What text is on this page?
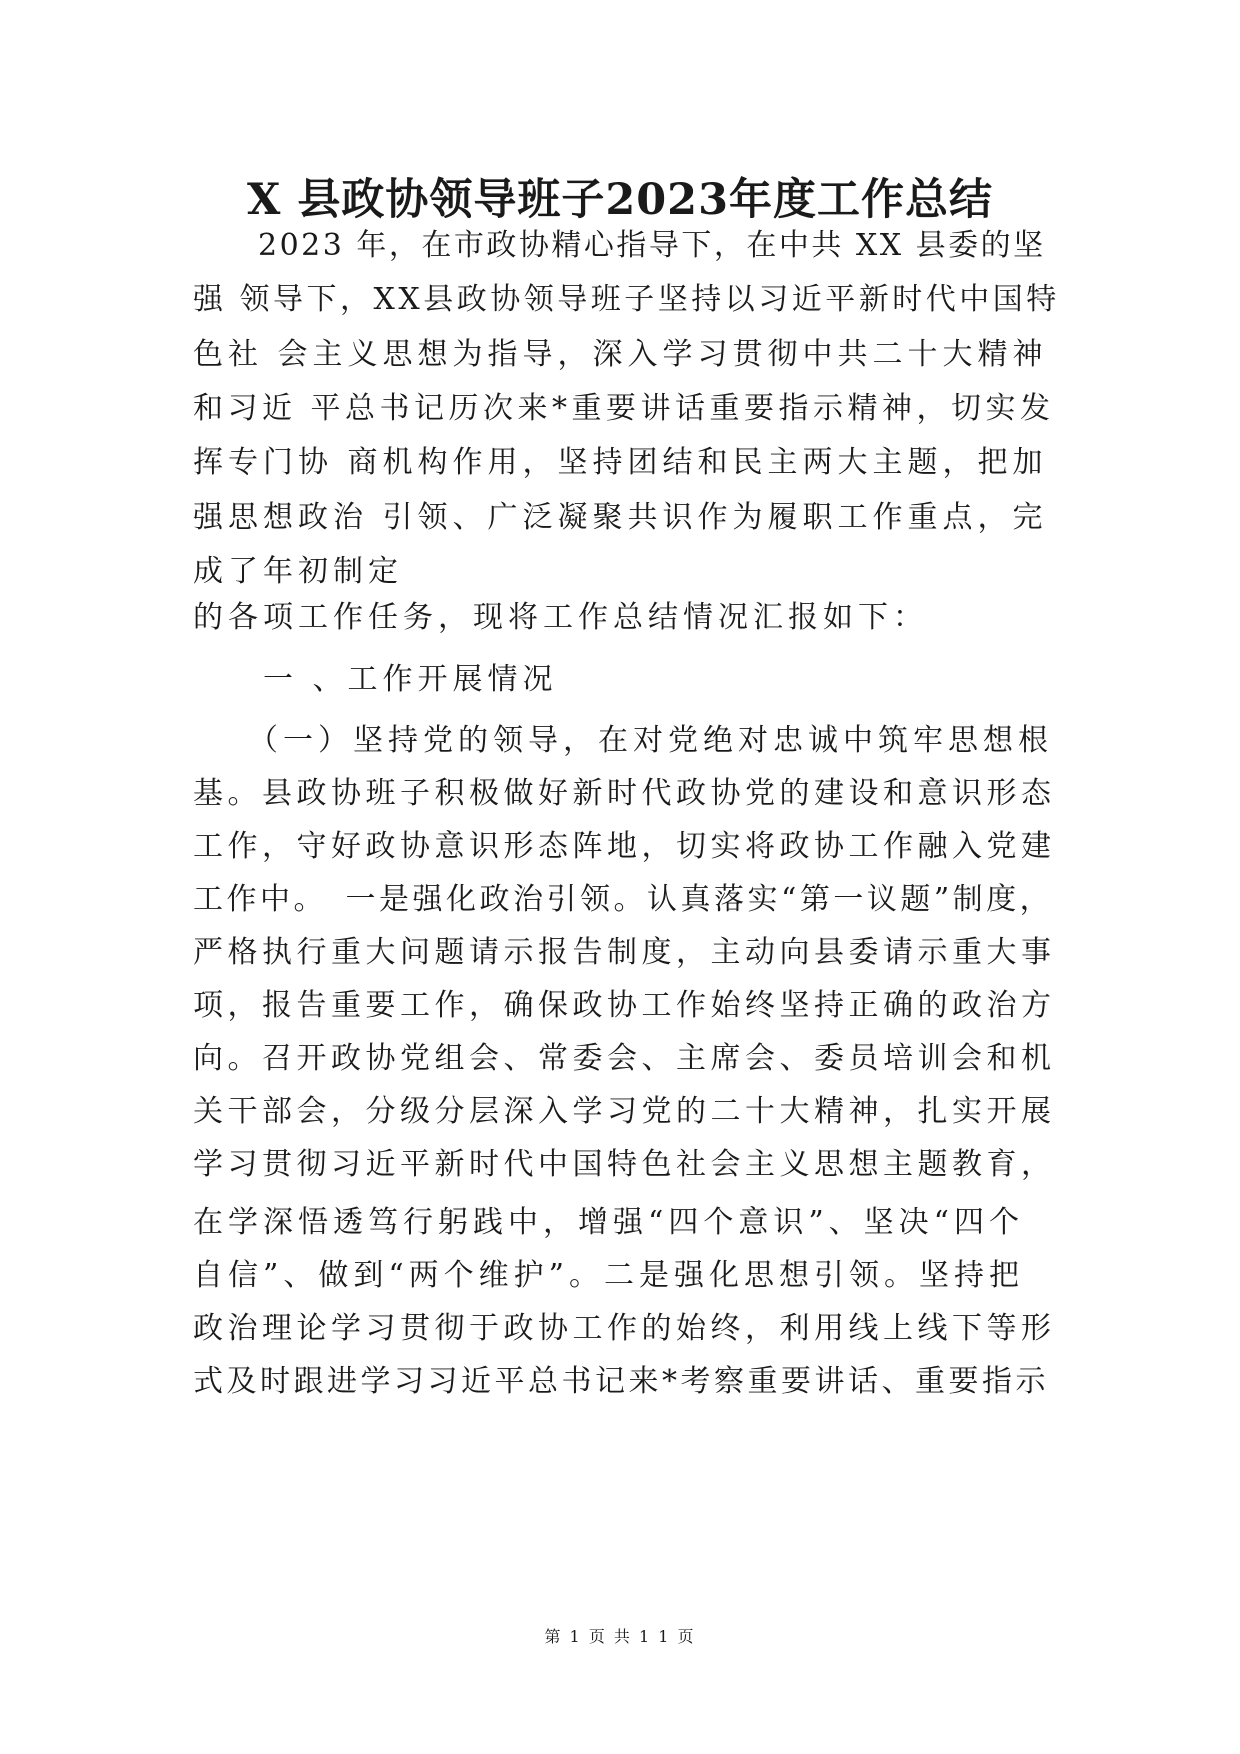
X 县政协领导班子2023年度工作总结
　　2023 年，在市政协精心指导下，在中共 XX 县委的坚
强 领导下，XX县政协领导班子坚持以习近平新时代中国特
色社 会主义思想为指导，深入学习贯彻中共二十大精神
和习近 平总书记历次来*重要讲话重要指示精神，切实发
挥专门协 商机构作用，坚持团结和民主两大主题，把加
强思想政治 引领、广泛凝聚共识作为履职工作重点，完
成了年初制定
的各项工作任务，现将工作总结情况汇报如下：
　　一 、工作开展情况
　　（一）坚持党的领导，在对党绝对忠诚中筑牢思想根
基。县政协班子积极做好新时代政协党的建设和意识形态
工作，守好政协意识形态阵地，切实将政协工作融入党建
工作中。　一是强化政治引领。认真落实“第一议题”制度，
严格执行重大问题请示报告制度，主动向县委请示重大事
项，报告重要工作，确保政协工作始终坚持正确的政治方
向。召开政协党组会、常委会、主席会、委员培训会和机
关干部会，分级分层深入学习党的二十大精神，扎实开展
学习贯彻习近平新时代中国特色社会主义思想主题教育，
在学深悟透笃行躬践中，增强“四个意识”、坚决“四个
自信”、做到“两个维护”。二是强化思想引领。坚持把
政治理论学习贯彻于政协工作的始终，利用线上线下等形
式及时跟进学习习近平总书记来*考察重要讲话、重要指示
第 1 页 共 1 1 页
